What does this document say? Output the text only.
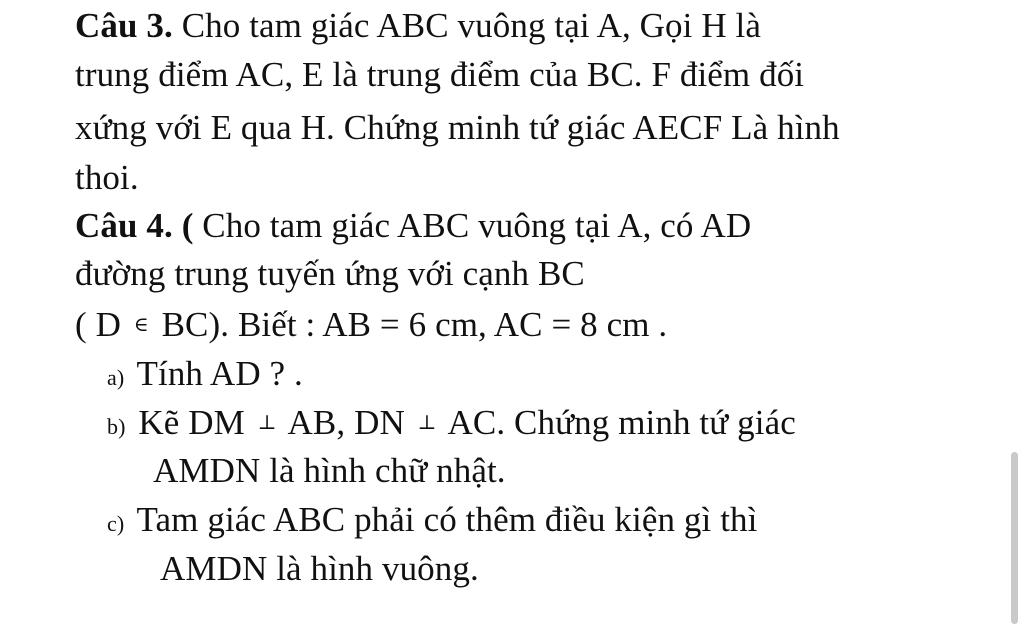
Câu 3. Cho tam giác ABC vuông tại A, Gọi H là
trung điểm AC, E là trung điểm của BC. F điểm đối
xứng với E qua H. Chứng minh tứ giác AECF Là hình
thoi.
Câu 4. ( Cho tam giác ABC vuông tại A, có AD
đường trung tuyến ứng với cạnh BC
( D ∈ BC). Biết : AB = 6 cm, AC = 8 cm .
a) Tính AD ? .
b) Kẽ DM ⊥ AB, DN ⊥ AC. Chứng minh tứ giác
AMDN là hình chữ nhật.
c) Tam giác ABC phải có thêm điều kiện gì thì
AMDN là hình vuông.
